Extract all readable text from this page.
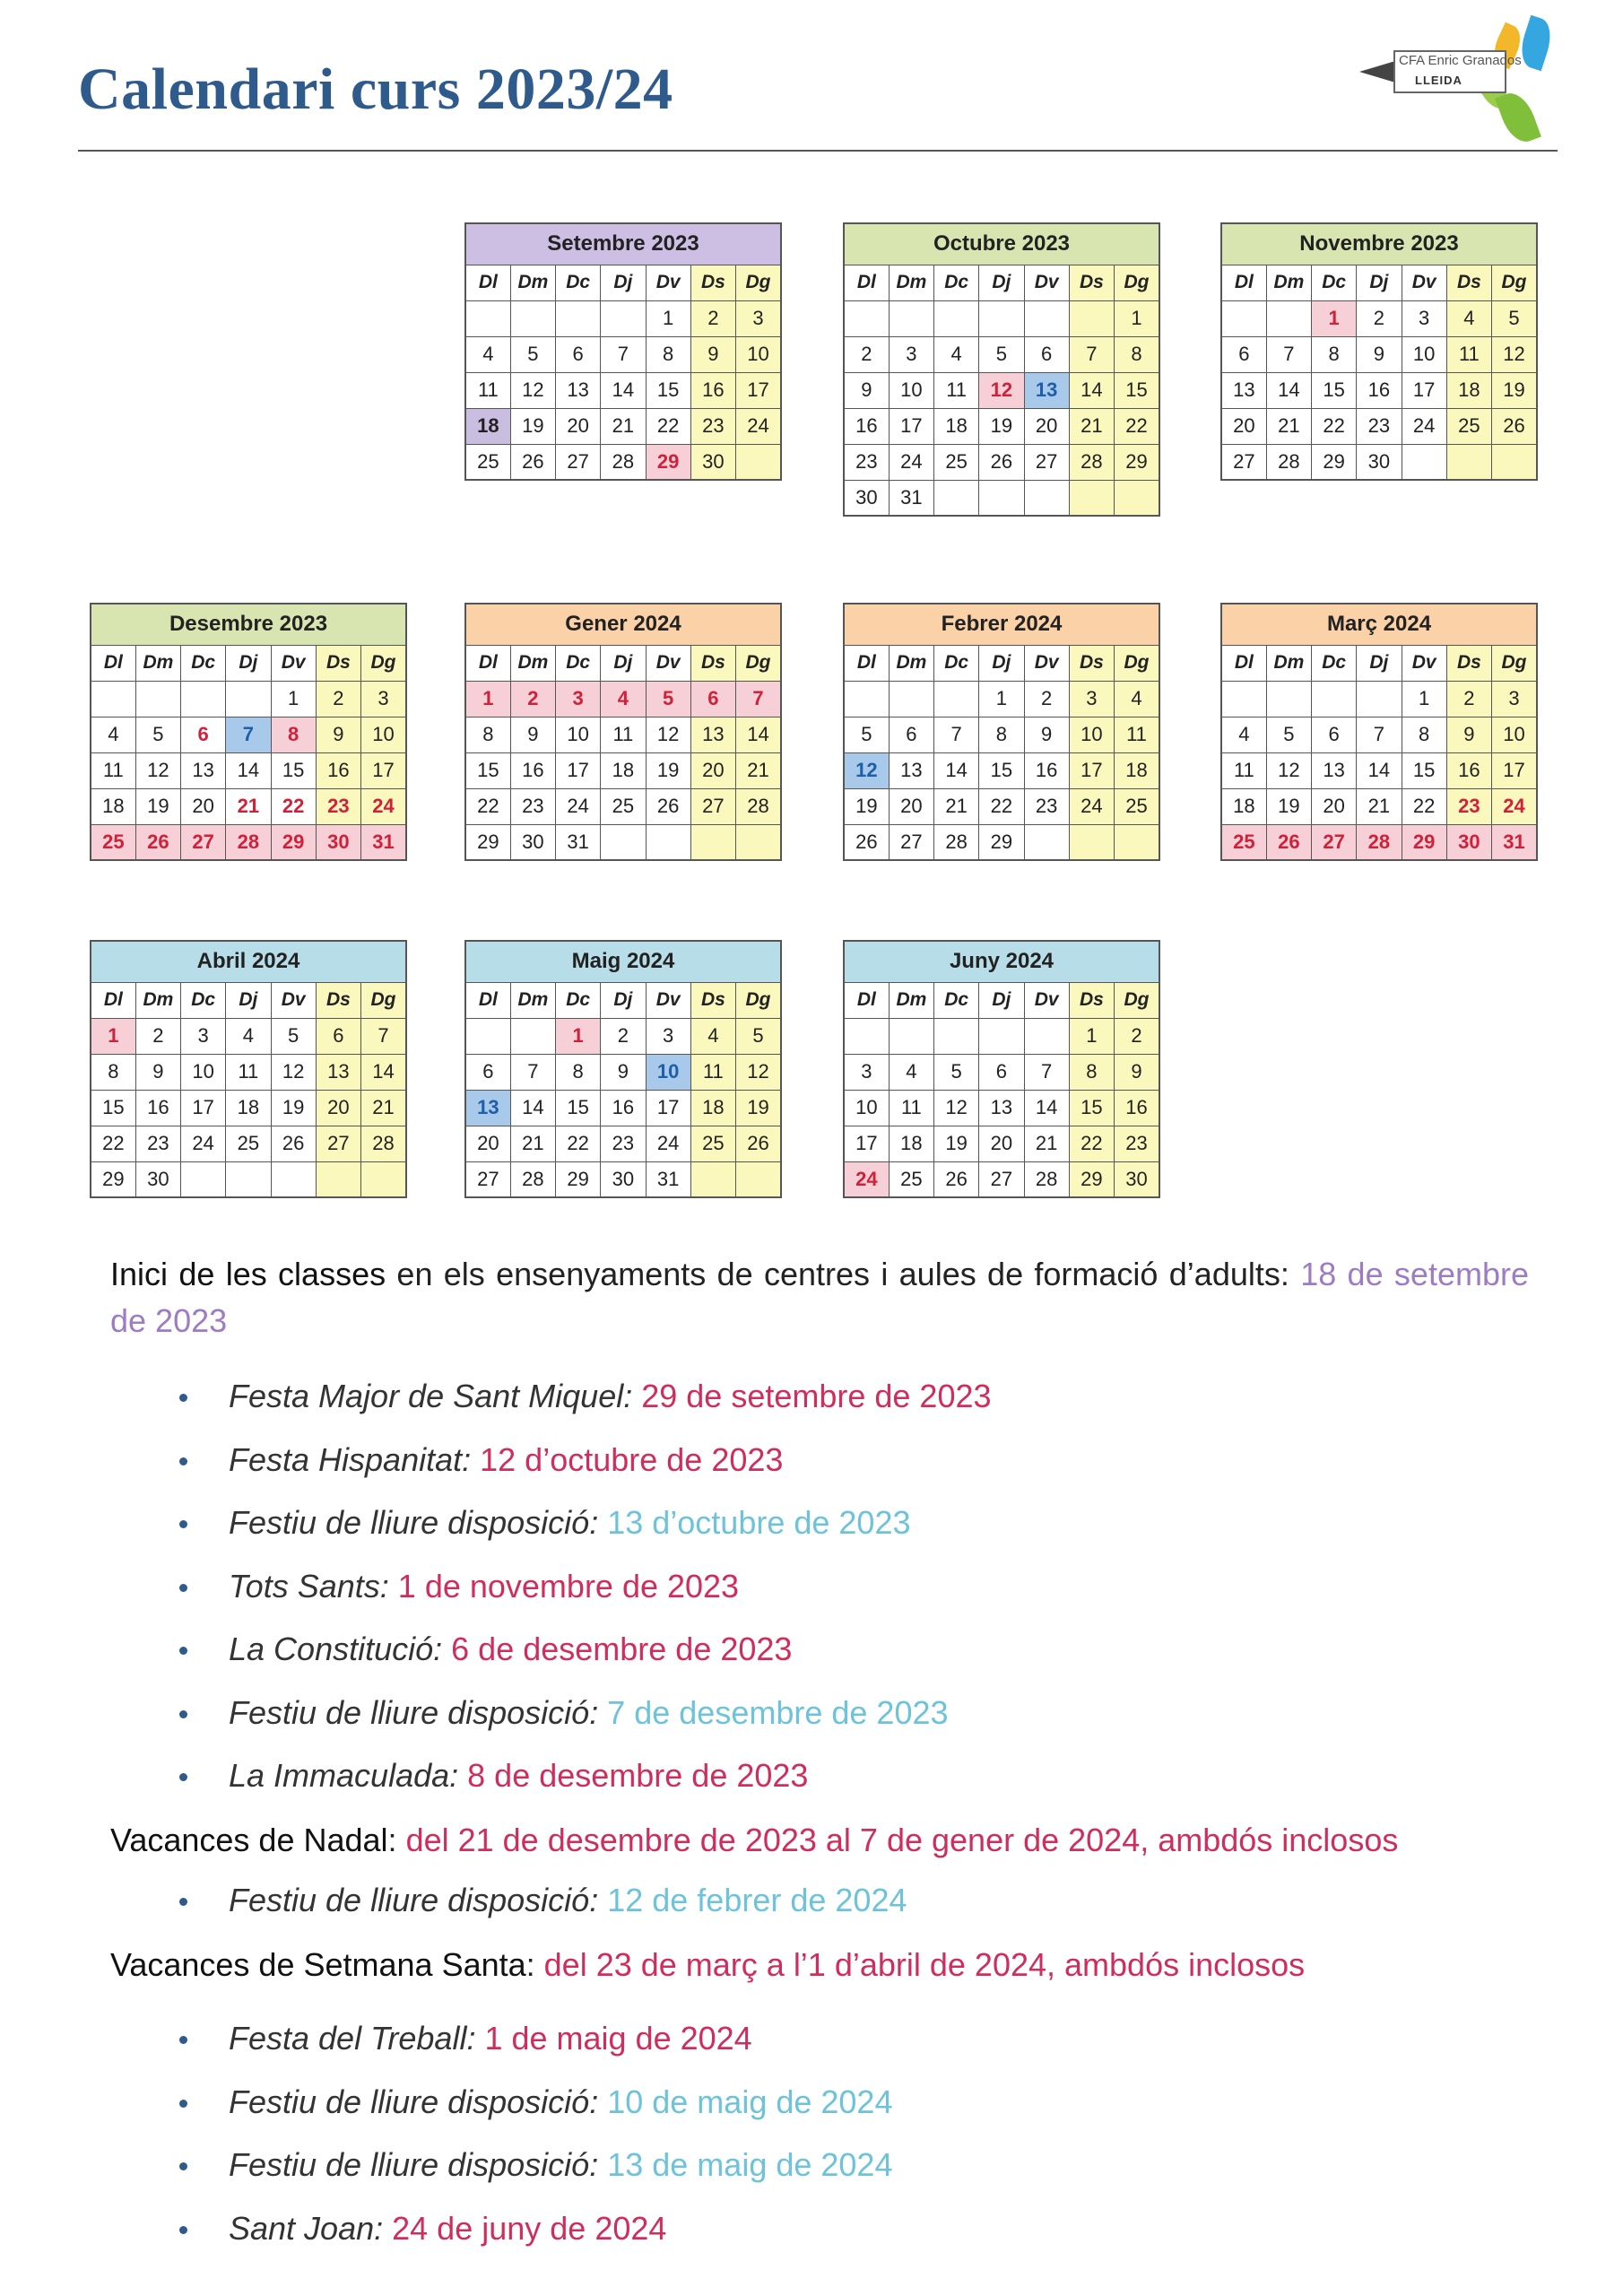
Calendari curs 2023/24	CFA Enric Granados
LLEIDA
Setembre 2023						
Dl	Dm	Dc	Dj	Dv	Ds	Dg
				1	2	3
4	5	6	7	8	9	10
11	12	13	14	15	16	17
18	19	20	21	22	23	24
25	26	27	28	29	30	
Octubre 2023						
Dl	Dm	Dc	Dj	Dv	Ds	Dg
						1
2	3	4	5	6	7	8
9	10	11	12	13	14	15
16	17	18	19	20	21	22
23	24	25	26	27	28	29
30	31					
Novembre 2023						
Dl	Dm	Dc	Dj	Dv	Ds	Dg
		1	2	3	4	5
6	7	8	9	10	11	12
13	14	15	16	17	18	19
20	21	22	23	24	25	26
27	28	29	30			
Desembre 2023						
Dl	Dm	Dc	Dj	Dv	Ds	Dg
				1	2	3
4	5	6	7	8	9	10
11	12	13	14	15	16	17
18	19	20	21	22	23	24
25	26	27	28	29	30	31
Gener 2024						
Dl	Dm	Dc	Dj	Dv	Ds	Dg
1	2	3	4	5	6	7
8	9	10	11	12	13	14
15	16	17	18	19	20	21
22	23	24	25	26	27	28
29	30	31				
Febrer 2024						
Dl	Dm	Dc	Dj	Dv	Ds	Dg
			1	2	3	4
5	6	7	8	9	10	11
12	13	14	15	16	17	18
19	20	21	22	23	24	25
26	27	28	29			
Març 2024						
Dl	Dm	Dc	Dj	Dv	Ds	Dg
				1	2	3
4	5	6	7	8	9	10
11	12	13	14	15	16	17
18	19	20	21	22	23	24
25	26	27	28	29	30	31
Abril 2024						
Dl	Dm	Dc	Dj	Dv	Ds	Dg
1	2	3	4	5	6	7
8	9	10	11	12	13	14
15	16	17	18	19	20	21
22	23	24	25	26	27	28
29	30					
Maig 2024						
Dl	Dm	Dc	Dj	Dv	Ds	Dg
		1	2	3	4	5
6	7	8	9	10	11	12
13	14	15	16	17	18	19
20	21	22	23	24	25	26
27	28	29	30	31		
Juny 2024						
Dl	Dm	Dc	Dj	Dv	Ds	Dg
					1	2
3	4	5	6	7	8	9
10	11	12	13	14	15	16
17	18	19	20	21	22	23
24	25	26	27	28	29	30

Inici de les classes en els ensenyaments de centres i aules de formació d’adults: 18 de setembre de 2023

Festa Major de Sant Miquel: 29 de setembre de 2023
Festa Hispanitat: 12 d’octubre de 2023
Festiu de lliure disposició: 13 d’octubre de 2023
Tots Sants: 1 de novembre de 2023
La Constitució: 6 de desembre de 2023
Festiu de lliure disposició: 7 de desembre de 2023
La Immaculada: 8 de desembre de 2023

Vacances de Nadal: del 21 de desembre de 2023 al 7 de gener de 2024, ambdós inclosos

Festiu de lliure disposició: 12 de febrer de 2024

Vacances de Setmana Santa: del 23 de març a l’1 d’abril de 2024, ambdós inclosos

Festa del Treball: 1 de maig de 2024
Festiu de lliure disposició: 10 de maig de 2024
Festiu de lliure disposició: 13 de maig de 2024
Sant Joan: 24 de juny de 2024
